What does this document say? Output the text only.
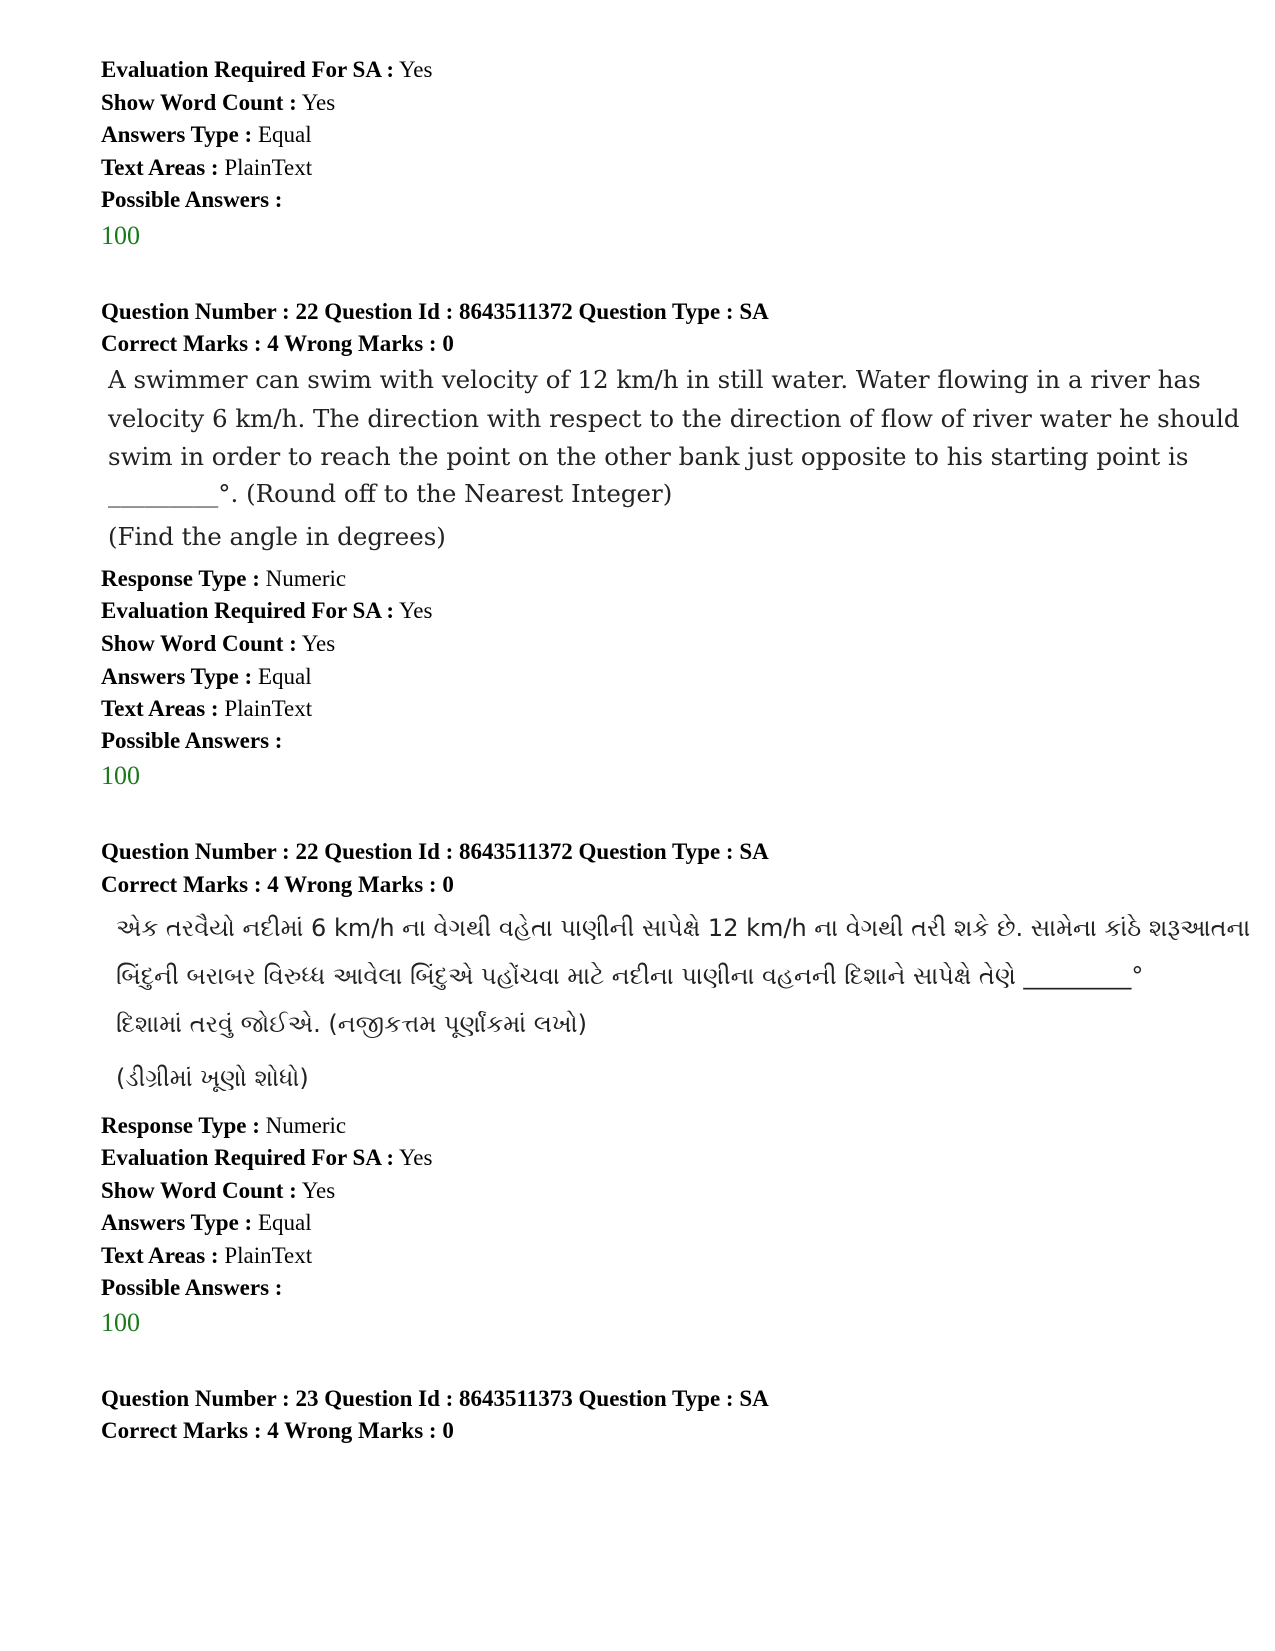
Evaluation Required For SA : Yes
Show Word Count : Yes
Answers Type : Equal
Text Areas : PlainText
Possible Answers :
100
Question Number : 22 Question Id : 8643511372 Question Type : SA
Correct Marks : 4 Wrong Marks : 0
A swimmer can swim with velocity of 12 km/h in still water. Water flowing in a river has
velocity 6 km/h. The direction with respect to the direction of flow of river water he should
swim in order to reach the point on the other bank just opposite to his starting point is
_________°. (Round off to the Nearest Integer)
(Find the angle in degrees)
Response Type : Numeric
Evaluation Required For SA : Yes
Show Word Count : Yes
Answers Type : Equal
Text Areas : PlainText
Possible Answers :
100
Question Number : 22 Question Id : 8643511372 Question Type : SA
Correct Marks : 4 Wrong Marks : 0
એક તરવૈયો નદીમાં 6 km/h ના વેગથી વહેતા પાણીની સાપેક્ષે 12 km/h ના વેગથી તરી શકે છે. સામેના કાંઠે શરૂઆતના
બિંદુની બરાબર વિરુધ્ધ આવેલા બિંદુએ પહોંચવા માટે નદીના પાણીના વહનની દિશાને સાપેક્ષે તેણે _________°
દિશામાં તરવું જોઈએ. (નજીકત્તમ પૂર્ણાંકમાં લખો)
(ડીગ્રીમાં ખૂણો શોધો)
Response Type : Numeric
Evaluation Required For SA : Yes
Show Word Count : Yes
Answers Type : Equal
Text Areas : PlainText
Possible Answers :
100
Question Number : 23 Question Id : 8643511373 Question Type : SA
Correct Marks : 4 Wrong Marks : 0
